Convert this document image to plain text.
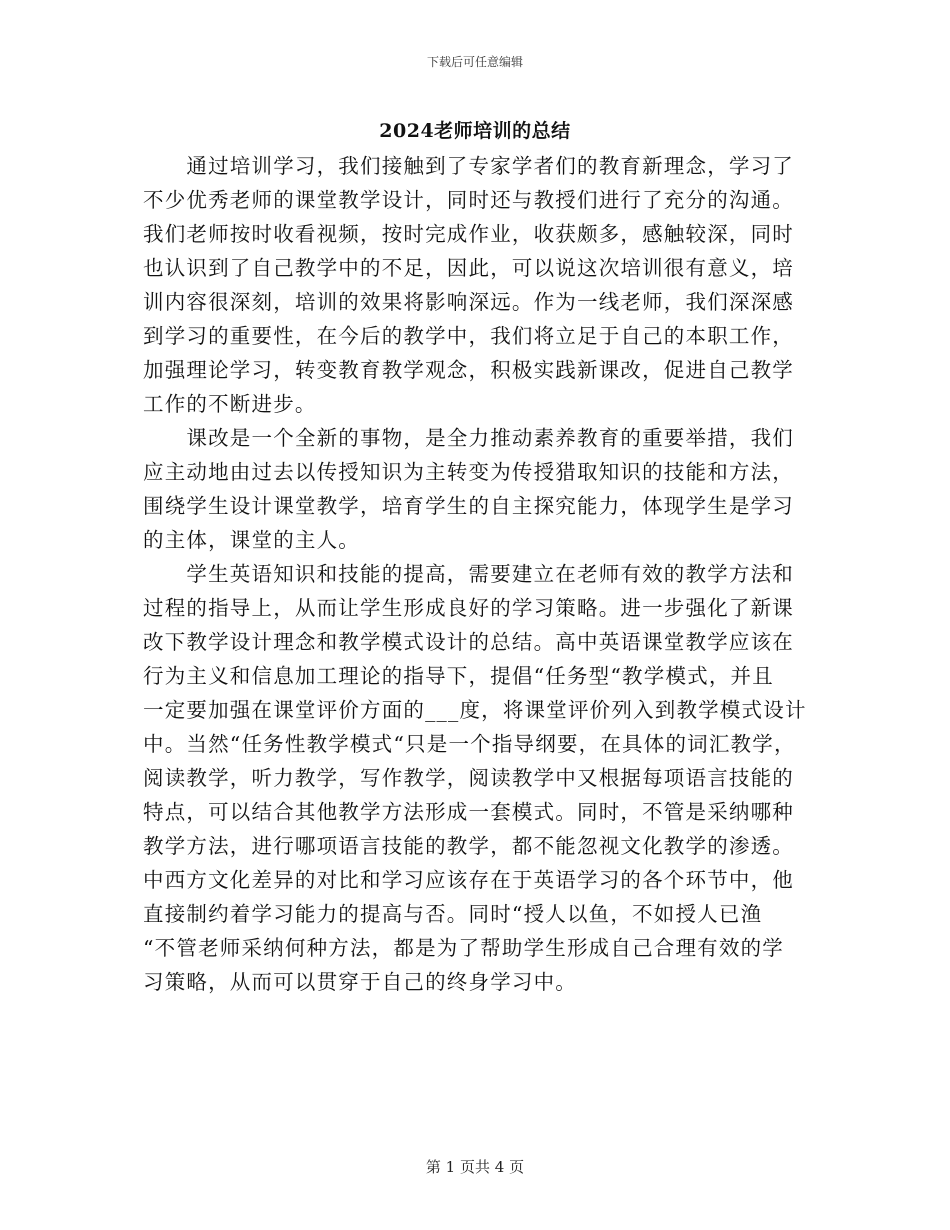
下载后可任意编辑
2024老师培训的总结

　　通过培训学习，我们接触到了专家学者们的教育新理念，学习了
不少优秀老师的课堂教学设计，同时还与教授们进行了充分的沟通。
我们老师按时收看视频，按时完成作业，收获颇多，感触较深，同时
也认识到了自己教学中的不足，因此，可以说这次培训很有意义，培
训内容很深刻，培训的效果将影响深远。作为一线老师，我们深深感
到学习的重要性，在今后的教学中，我们将立足于自己的本职工作，
加强理论学习，转变教育教学观念，积极实践新课改，促进自己教学
工作的不断进步。

　　课改是一个全新的事物，是全力推动素养教育的重要举措，我们
应主动地由过去以传授知识为主转变为传授猎取知识的技能和方法，
围绕学生设计课堂教学，培育学生的自主探究能力，体现学生是学习
的主体，课堂的主人。

　　学生英语知识和技能的提高，需要建立在老师有效的教学方法和
过程的指导上，从而让学生形成良好的学习策略。进一步强化了新课
改下教学设计理念和教学模式设计的总结。高中英语课堂教学应该在
行为主义和信息加工理论的指导下，提倡“任务型“教学模式，并且
一定要加强在课堂评价方面的___度，将课堂评价列入到教学模式设计
中。当然“任务性教学模式“只是一个指导纲要，在具体的词汇教学，
阅读教学，听力教学，写作教学，阅读教学中又根据每项语言技能的
特点，可以结合其他教学方法形成一套模式。同时，不管是采纳哪种
教学方法，进行哪项语言技能的教学，都不能忽视文化教学的渗透。
中西方文化差异的对比和学习应该存在于英语学习的各个环节中，他
直接制约着学习能力的提高与否。同时“授人以鱼，不如授人已渔
“不管老师采纳何种方法，都是为了帮助学生形成自己合理有效的学
习策略，从而可以贯穿于自己的终身学习中。

第 1 页共 4 页
